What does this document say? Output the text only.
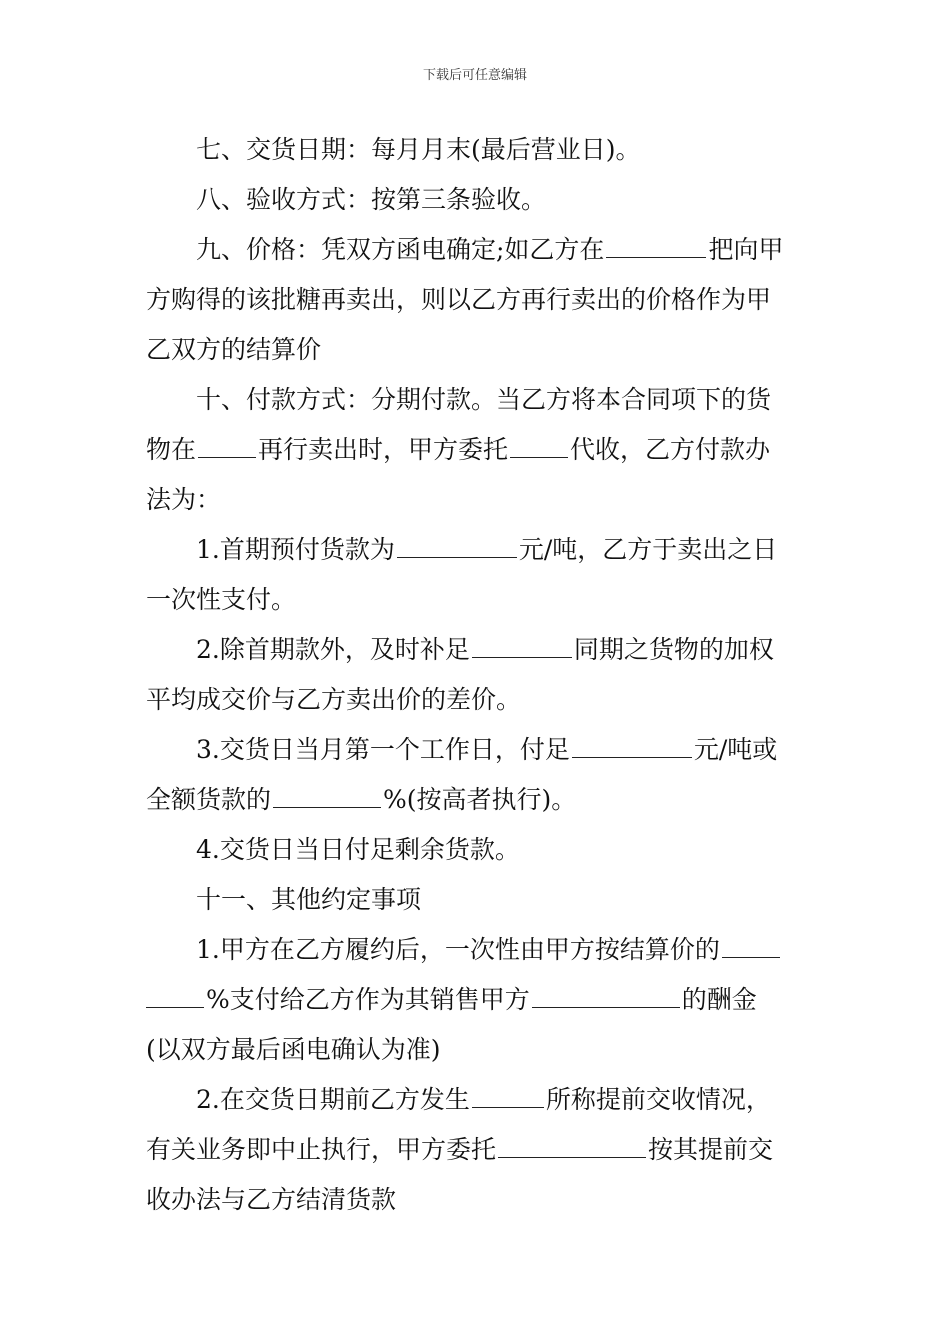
下载后可任意编辑
七、交货日期：每月月末(最后营业日)。
八、验收方式：按第三条验收。
九、价格：凭双方函电确定;如乙方在	把向甲
方购得的该批糖再卖出，则以乙方再行卖出的价格作为甲
乙双方的结算价
十、付款方式：分期付款。当乙方将本合同项下的货
物在 再行卖出时，甲方委托 代收，乙方付款办
法为：
1.首期预付货款为	元/吨，乙方于卖出之日
一次性支付。
2.除首期款外，及时补足	同期之货物的加权
平均成交价与乙方卖出价的差价。
3.交货日当月第一个工作日，付足	元/吨或
全额货款的	%(按高者执行)。
4.交货日当日付足剩余货款。
十一、其他约定事项
1.甲方在乙方履约后，一次性由甲方按结算价的
%支付给乙方作为其销售甲方	的酬金
(以双方最后函电确认为准)
2.在交货日期前乙方发生	所称提前交收情况，
有关业务即中止执行，甲方委托	按其提前交
收办法与乙方结清货款
